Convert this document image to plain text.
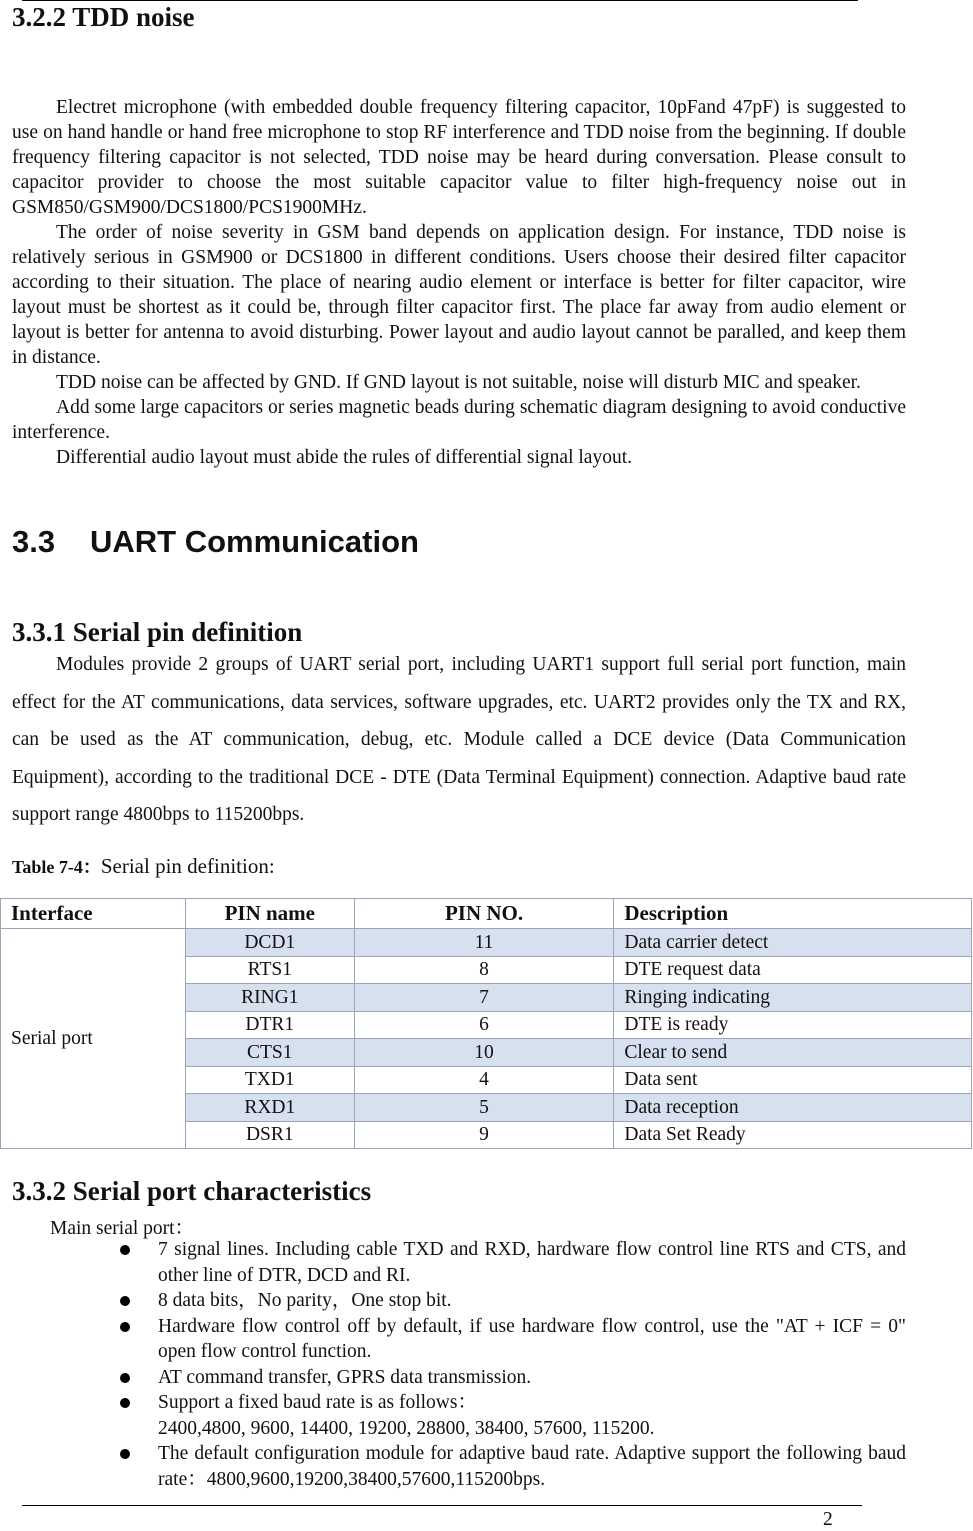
3.2.2 TDD noise

Electret microphone (with embedded double frequency filtering capacitor, 10pFand 47pF) is suggested to use on hand handle or hand free microphone to stop RF interference and TDD noise from the beginning. If double frequency filtering capacitor is not selected, TDD noise may be heard during conversation. Please consult to capacitor provider to choose the most suitable capacitor value to filter high-frequency noise out in GSM850/GSM900/DCS1800/PCS1900MHz.

The order of noise severity in GSM band depends on application design. For instance, TDD noise is relatively serious in GSM900 or DCS1800 in different conditions. Users choose their desired filter capacitor according to their situation. The place of nearing audio element or interface is better for filter capacitor, wire layout must be shortest as it could be, through filter capacitor first. The place far away from audio element or layout is better for antenna to avoid disturbing. Power layout and audio layout cannot be paralled, and keep them in distance.

TDD noise can be affected by GND. If GND layout is not suitable, noise will disturb MIC and speaker.

Add some large capacitors or series magnetic beads during schematic diagram designing to avoid conductive interference.

Differential audio layout must abide the rules of differential signal layout.

3.3 UART Communication
3.3.1 Serial pin definition

Modules provide 2 groups of UART serial port, including UART1 support full serial port function, main effect for the AT communications, data services, software upgrades, etc. UART2 provides only the TX and RX, can be used as the AT communication, debug, etc. Module called a DCE device (Data Communication Equipment), according to the traditional DCE - DTE (Data Terminal Equipment) connection. Adaptive baud rate support range 4800bps to 115200bps.

Table 7-4：Serial pin definition:
Interface	PIN name	PIN NO.	Description
Serial port	DCD1	11	Data carrier detect
	RTS1	8	DTE request data
	RING1	7	Ringing indicating
	DTR1	6	DTE is ready
	CTS1	10	Clear to send
	TXD1	4	Data sent
	RXD1	5	Data reception
	DSR1	9	Data Set Ready
3.3.2 Serial port characteristics
Main serial port：
7 signal lines. Including cable TXD and RXD, hardware flow control line RTS and CTS, and other line of DTR, DCD and RI.
8 data bits，No parity，One stop bit.
Hardware flow control off by default, if use hardware flow control, use the "AT + ICF = 0" open flow control function.
AT command transfer, GPRS data transmission.
Support a fixed baud rate is as follows：
2400,4800, 9600, 14400, 19200, 28800, 38400, 57600, 115200.
The default configuration module for adaptive baud rate. Adaptive support the following baud rate：4800,9600,19200,38400,57600,115200bps.
2
